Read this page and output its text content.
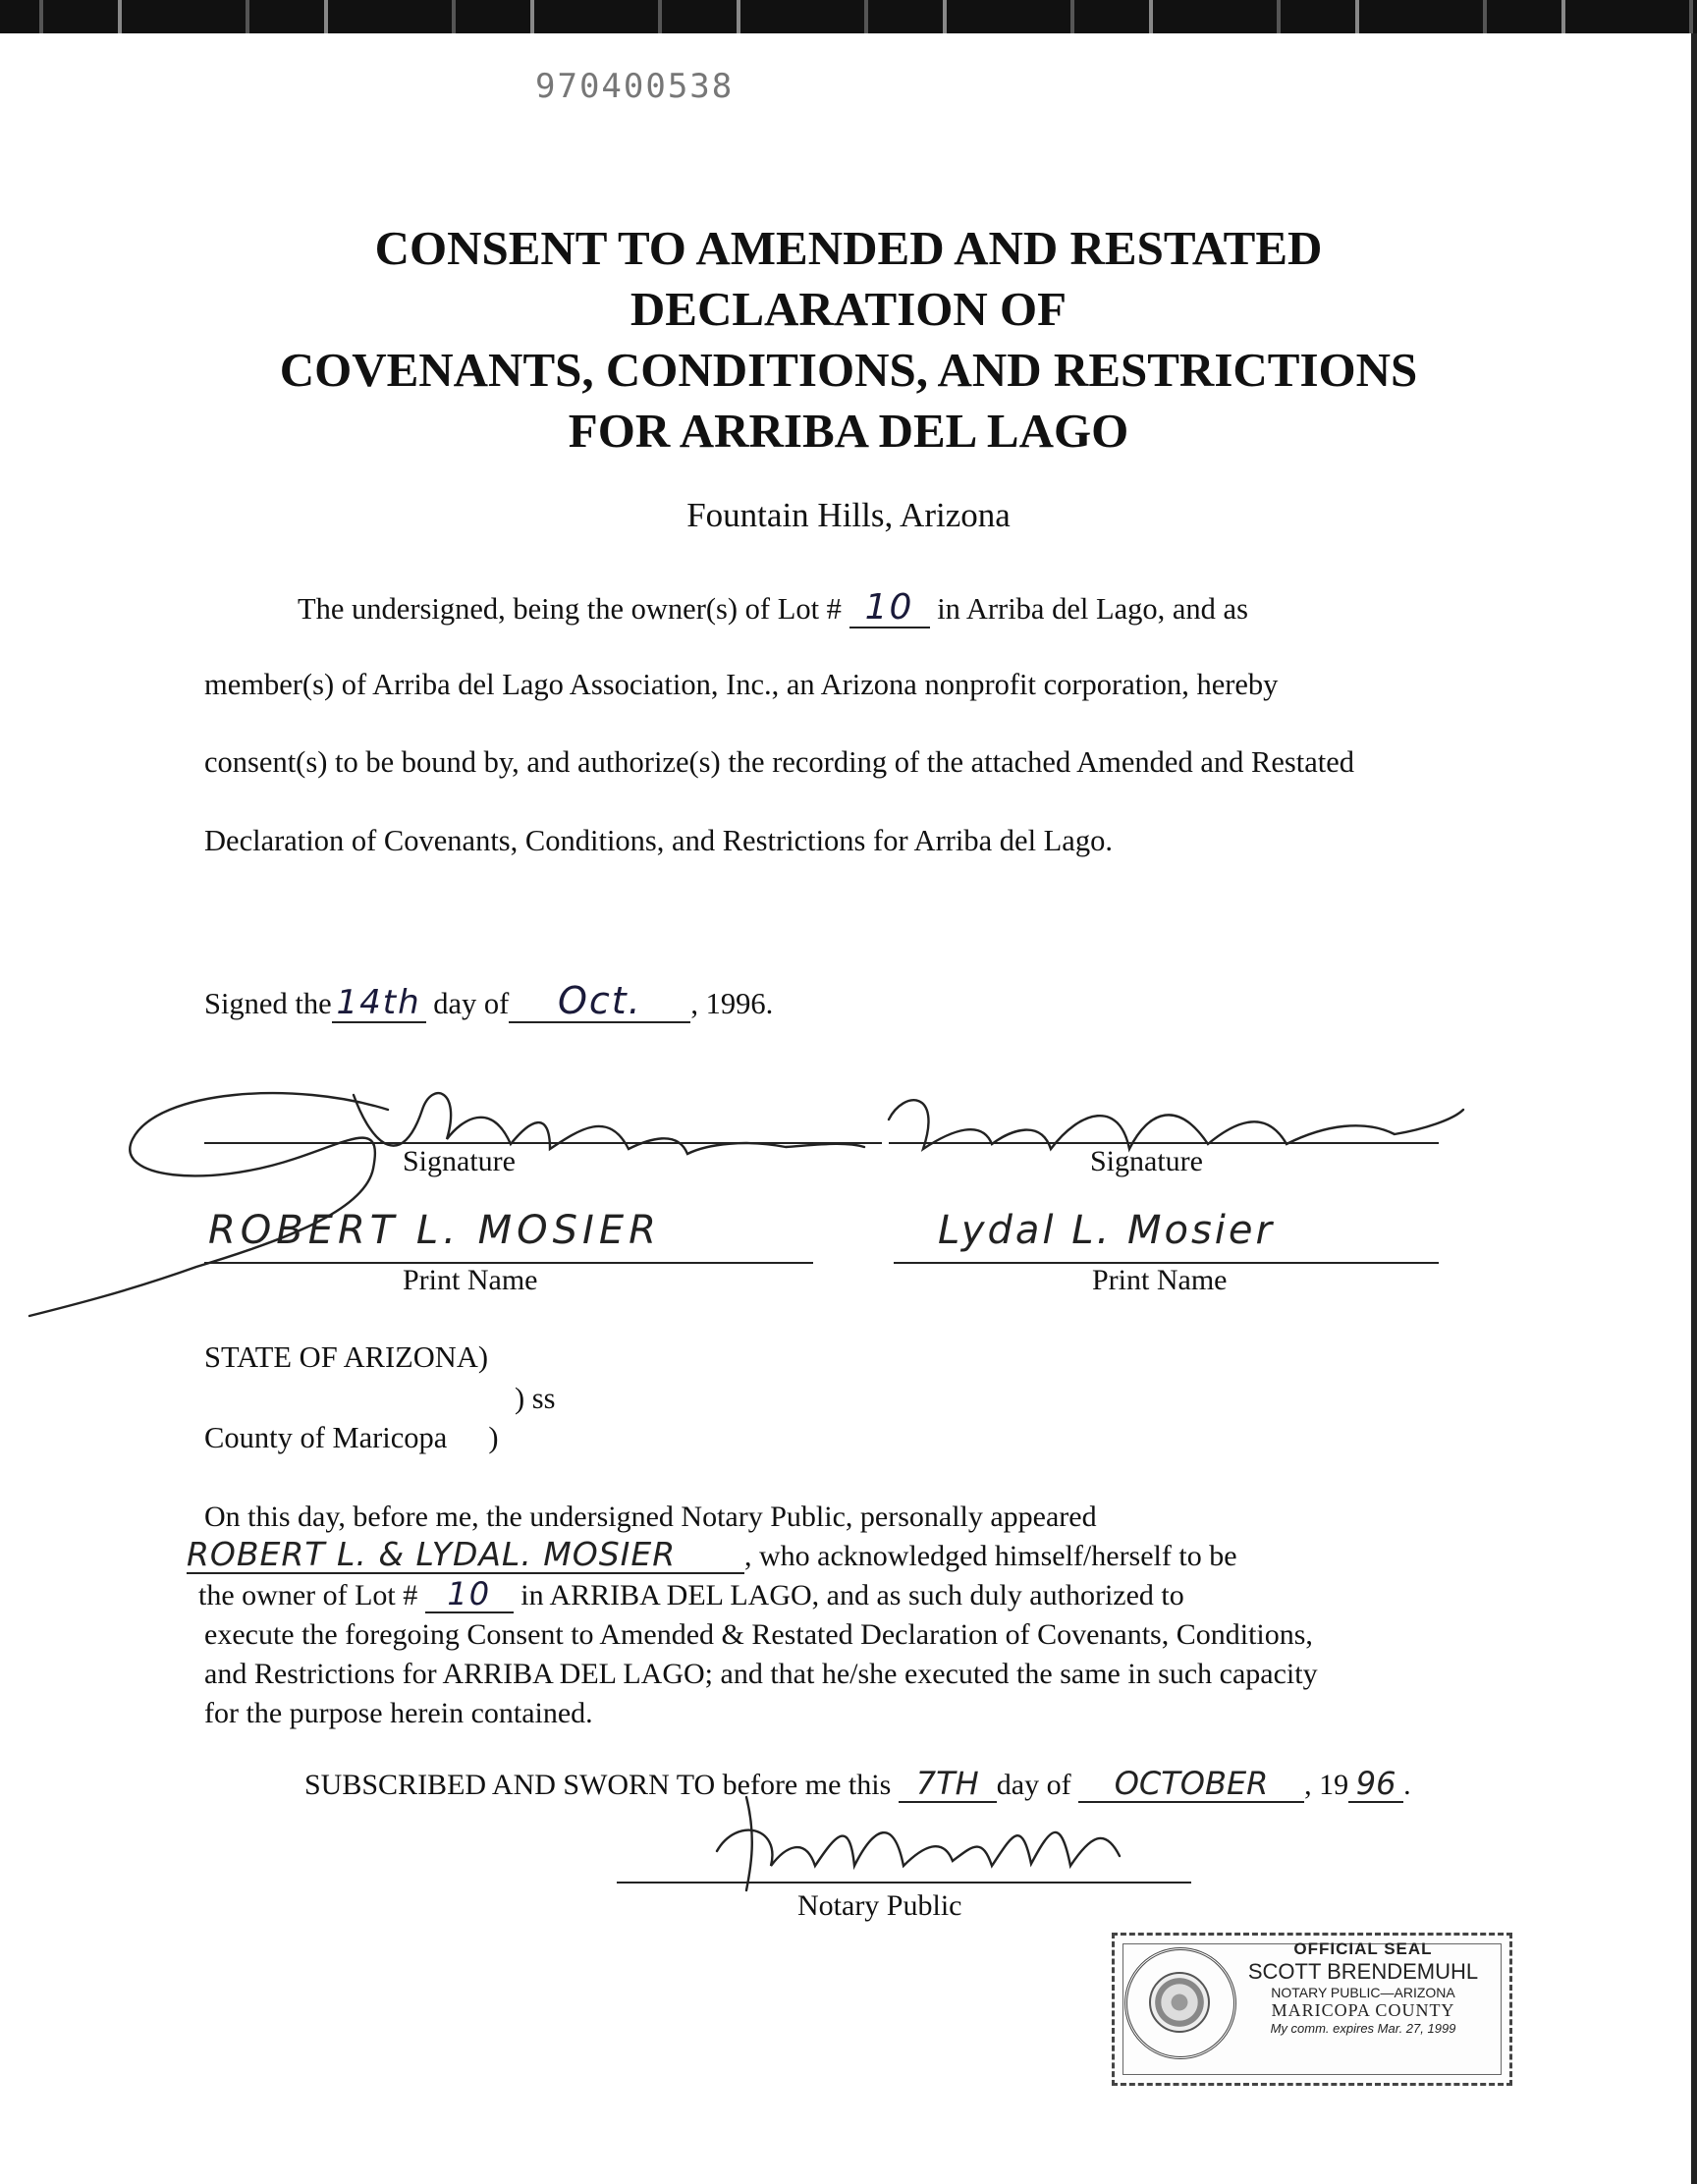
970400538
CONSENT TO AMENDED AND RESTATED
DECLARATION OF
COVENANTS, CONDITIONS, AND RESTRICTIONS
FOR ARRIBA DEL LAGO
Fountain Hills, Arizona
The undersigned, being the owner(s) of Lot # 10 in Arriba del Lago, and as
member(s) of Arriba del Lago Association, Inc., an Arizona nonprofit corporation, hereby
consent(s) to be bound by, and authorize(s) the recording of the attached Amended and Restated
Declaration of Covenants, Conditions, and Restrictions for Arriba del Lago.
Signed the 14th day of Oct. , 1996.
Signature	Signature
ROBERT L. MOSIER	Lydal L. Mosier
Print Name	Print Name
STATE OF ARIZONA)
) ss
County of Maricopa )
On this day, before me, the undersigned Notary Public, personally appeared
ROBERT L. & LYDAL. MOSIER , who acknowledged himself/herself to be
the owner of Lot # 10 in ARRIBA DEL LAGO, and as such duly authorized to
execute the foregoing Consent to Amended & Restated Declaration of Covenants, Conditions,
and Restrictions for ARRIBA DEL LAGO; and that he/she executed the same in such capacity
for the purpose herein contained.
SUBSCRIBED AND SWORN TO before me this 7TH day of OCTOBER , 19 96 .
Notary Public
OFFICIAL SEAL
SCOTT BRENDEMUHL
NOTARY PUBLIC—ARIZONA
MARICOPA COUNTY
My comm. expires Mar. 27, 1999
